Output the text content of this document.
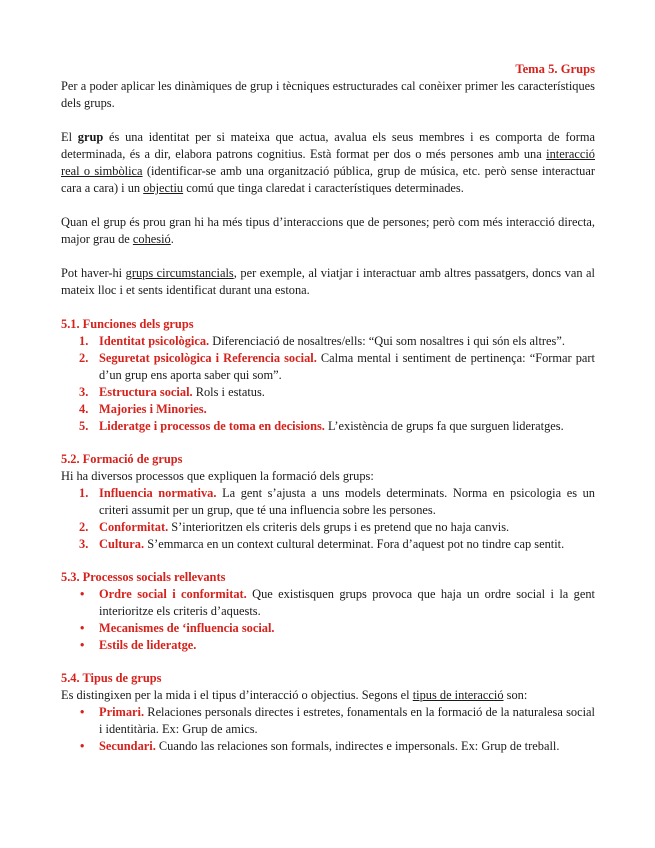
Tema 5. Grups

Per a poder aplicar les dinàmiques de grup i tècniques estructurades cal conèixer primer les característiques dels grups.

El grup és una identitat per si mateixa que actua, avalua els seus membres i es comporta de forma determinada, és a dir, elabora patrons cognitius. Està format per dos o més persones amb una interacció real o simbòlica (identificar-se amb una organització pública, grup de música, etc. però sense interactuar cara a cara) i un objectiu comú que tinga claredat i característiques determinades.

Quan el grup és prou gran hi ha més tipus d’interaccions que de persones; però com més interacció directa, major grau de cohesió.

Pot haver-hi grups circumstancials, per exemple, al viatjar i interactuar amb altres passatgers, doncs van al mateix lloc i et sents identificat durant una estona.

5.1. Funciones dels grups
1. Identitat psicològica. Diferenciació de nosaltres/ells: “Qui som nosaltres i qui són els altres”.
2. Seguretat psicològica i Referencia social. Calma mental i sentiment de pertinença: “Formar part d’un grup ens aporta saber qui som”.
3. Estructura social. Rols i estatus.
4. Majories i Minories.
5. Lideratge i processos de toma en decisions. L’existència de grups fa que surguen lideratges.
5.2. Formació de grups

Hi ha diversos processos que expliquen la formació dels grups:

1. Influencia normativa. La gent s’ajusta a uns models determinats. Norma en psicologia es un criteri assumit per un grup, que té una influencia sobre les persones.
2. Conformitat. S’interioritzen els criteris dels grups i es pretend que no haja canvis.
3. Cultura. S’emmarca en un context cultural determinat. Fora d’aquest pot no tindre cap sentit.
5.3. Processos socials rellevants
• Ordre social i conformitat. Que existisquen grups provoca que haja un ordre social i la gent interioritze els criteris d’aquests.
• Mecanismes de ‘influencia social.
• Estils de lideratge.
5.4. Tipus de grups

Es distingixen per la mida i el tipus d’interacció o objectius. Segons el tipus de interacció son:

• Primari. Relaciones personals directes i estretes, fonamentals en la formació de la naturalesa social i identitària. Ex: Grup de amics.
• Secundari. Cuando las relaciones son formals, indirectes e impersonals. Ex: Grup de treball.
